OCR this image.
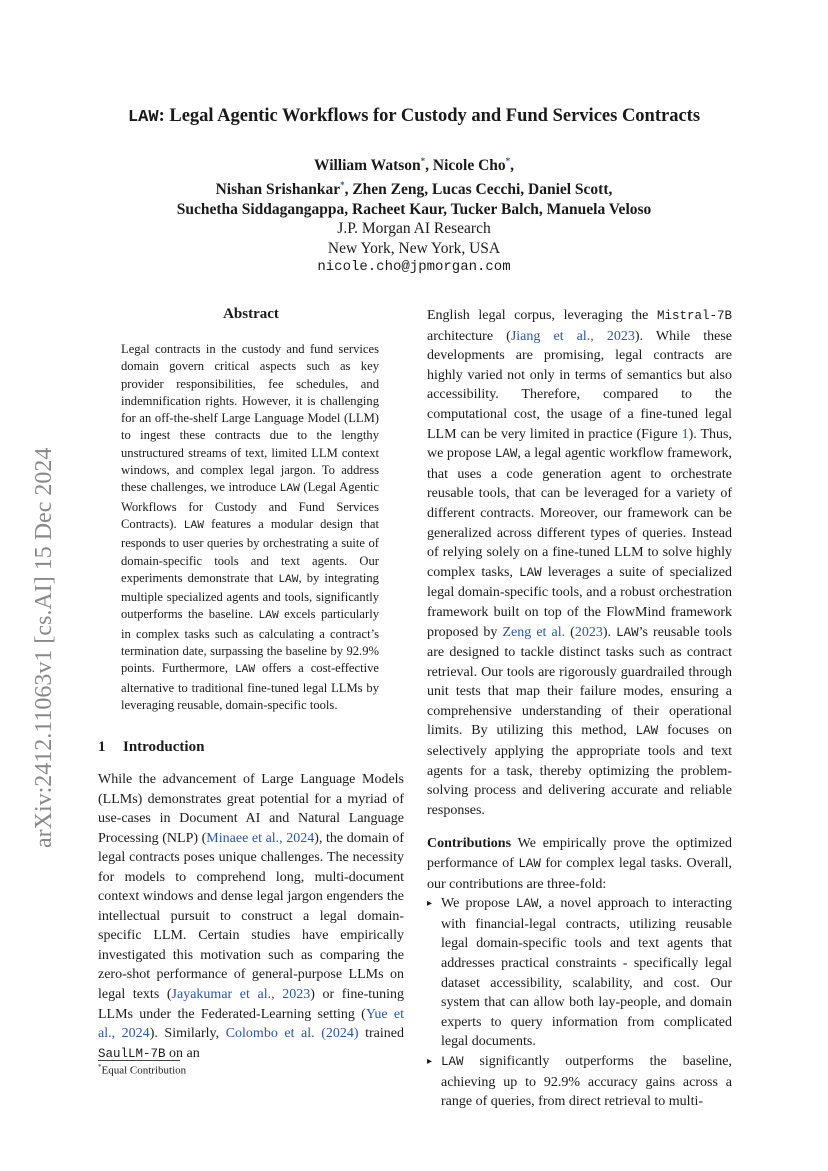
arXiv:2412.11063v1 [cs.AI] 15 Dec 2024
LAW: Legal Agentic Workflows for Custody and Fund Services Contracts
William Watson*, Nicole Cho*,
Nishan Srishankar*, Zhen Zeng, Lucas Cecchi, Daniel Scott,
Suchetha Siddagangappa, Racheet Kaur, Tucker Balch, Manuela Veloso
J.P. Morgan AI Research
New York, New York, USA
nicole.cho@jpmorgan.com
Abstract
Legal contracts in the custody and fund services domain govern critical aspects such as key provider responsibilities, fee schedules, and indemnification rights. However, it is challenging for an off-the-shelf Large Language Model (LLM) to ingest these contracts due to the lengthy unstructured streams of text, limited LLM context windows, and complex legal jargon. To address these challenges, we introduce LAW (Legal Agentic Workflows for Custody and Fund Services Contracts). LAW features a modular design that responds to user queries by orchestrating a suite of domain-specific tools and text agents. Our experiments demonstrate that LAW, by integrating multiple specialized agents and tools, significantly outperforms the baseline. LAW excels particularly in complex tasks such as calculating a contract’s termination date, surpassing the baseline by 92.9% points. Furthermore, LAW offers a cost-effective alternative to traditional fine-tuned legal LLMs by leveraging reusable, domain-specific tools.
1 Introduction
While the advancement of Large Language Models (LLMs) demonstrates great potential for a myriad of use-cases in Document AI and Natural Language Processing (NLP) (Minaee et al., 2024), the domain of legal contracts poses unique challenges. The necessity for models to comprehend long, multi-document context windows and dense legal jargon engenders the intellectual pursuit to construct a legal domain-specific LLM. Certain studies have empirically investigated this motivation such as comparing the zero-shot performance of general-purpose LLMs on legal texts (Jayakumar et al., 2023) or fine-tuning LLMs under the Federated-Learning setting (Yue et al., 2024). Similarly, Colombo et al. (2024) trained SaulLM-7B on an
*Equal Contribution

English legal corpus, leveraging the Mistral-7B architecture (Jiang et al., 2023). While these developments are promising, legal contracts are highly varied not only in terms of semantics but also accessibility. Therefore, compared to the computational cost, the usage of a fine-tuned legal LLM can be very limited in practice (Figure 1). Thus, we propose LAW, a legal agentic workflow framework, that uses a code generation agent to orchestrate reusable tools, that can be leveraged for a variety of different contracts. Moreover, our framework can be generalized across different types of queries. Instead of relying solely on a fine-tuned LLM to solve highly complex tasks, LAW leverages a suite of specialized legal domain-specific tools, and a robust orchestration framework built on top of the FlowMind framework proposed by Zeng et al. (2023). LAW’s reusable tools are designed to tackle distinct tasks such as contract retrieval. Our tools are rigorously guardrailed through unit tests that map their failure modes, ensuring a comprehensive understanding of their operational limits. By utilizing this method, LAW focuses on selectively applying the appropriate tools and text agents for a task, thereby optimizing the problem-solving process and delivering accurate and reliable responses.

Contributions We empirically prove the optimized performance of LAW for complex legal tasks. Overall, our contributions are three-fold:

▸ We propose LAW, a novel approach to interacting with financial-legal contracts, utilizing reusable legal domain-specific tools and text agents that addresses practical constraints - specifically legal dataset accessibility, scalability, and cost. Our system that can allow both lay-people, and domain experts to query information from complicated legal documents.
▸ LAW significantly outperforms the baseline, achieving up to 92.9% accuracy gains across a range of queries, from direct retrieval to multi-
